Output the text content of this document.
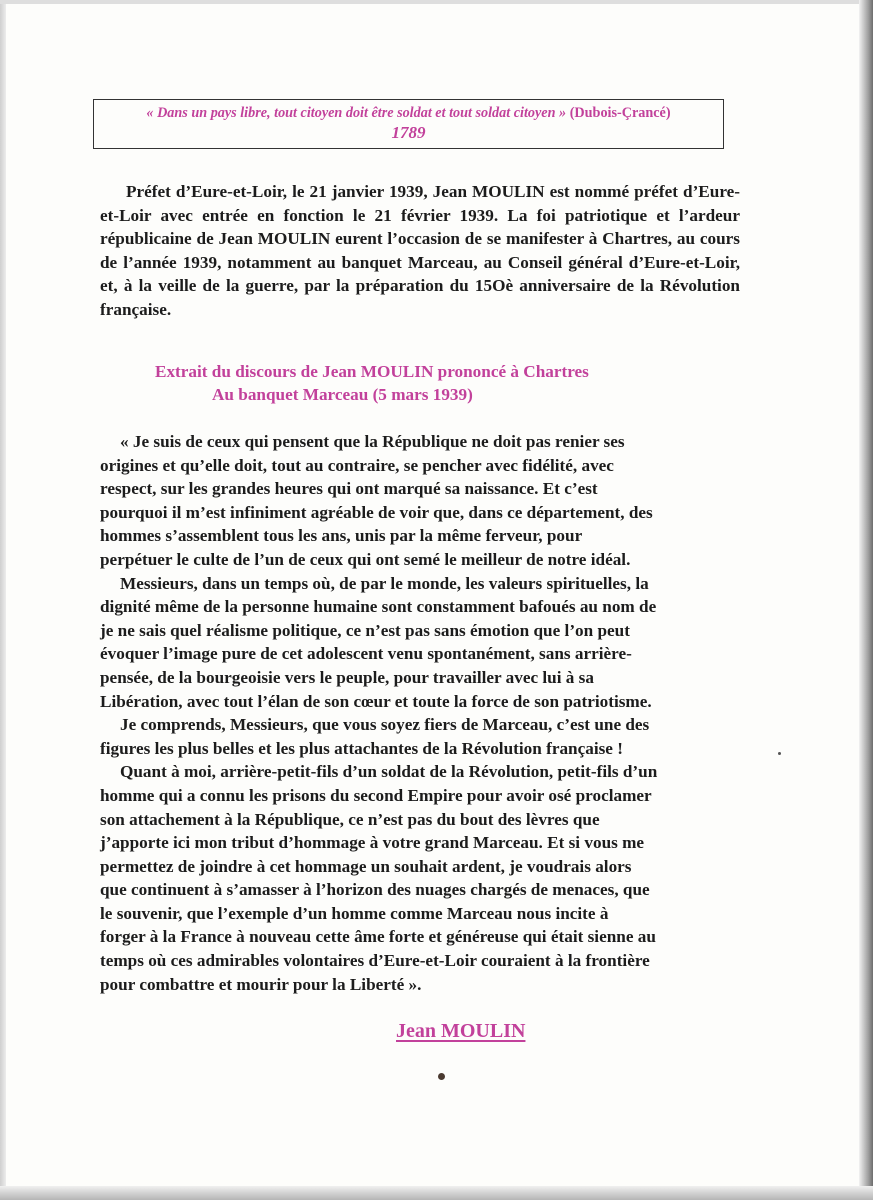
« Dans un pays libre, tout citoyen doit être soldat et tout soldat citoyen » (Dubois-Çrancé)
1789

Préfet d’Eure-et-Loir, le 21 janvier 1939, Jean MOULIN est nommé préfet d’Eure-et-Loir avec entrée en fonction le 21 février 1939. La foi patriotique et l’ardeur républicaine de Jean MOULIN eurent l’occasion de se manifester à Chartres, au cours de l’année 1939, notamment au banquet Marceau, au Conseil général d’Eure-et-Loir, et, à la veille de la guerre, par la préparation du 15Oè anniversaire de la Révolution française.

Extrait du discours de Jean MOULIN prononcé à Chartres
Au banquet Marceau (5 mars 1939)

« Je suis de ceux qui pensent que la République ne doit pas renier ses
origines et qu’elle doit, tout au contraire, se pencher avec fidélité, avec
respect, sur les grandes heures qui ont marqué sa naissance. Et c’est
pourquoi il m’est infiniment agréable de voir que, dans ce département, des
hommes s’assemblent tous les ans, unis par la même ferveur, pour
perpétuer le culte de l’un de ceux qui ont semé le meilleur de notre idéal.

Messieurs, dans un temps où, de par le monde, les valeurs spirituelles, la
dignité même de la personne humaine sont constamment bafoués au nom de
je ne sais quel réalisme politique, ce n’est pas sans émotion que l’on peut
évoquer l’image pure de cet adolescent venu spontanément, sans arrière-
pensée, de la bourgeoisie vers le peuple, pour travailler avec lui à sa
Libération, avec tout l’élan de son cœur et toute la force de son patriotisme.

Je comprends, Messieurs, que vous soyez fiers de Marceau, c’est une des
figures les plus belles et les plus attachantes de la Révolution française !

Quant à moi, arrière-petit-fils d’un soldat de la Révolution, petit-fils d’un
homme qui a connu les prisons du second Empire pour avoir osé proclamer
son attachement à la République, ce n’est pas du bout des lèvres que
j’apporte ici mon tribut d’hommage à votre grand Marceau. Et si vous me
permettez de joindre à cet hommage un souhait ardent, je voudrais alors
que continuent à s’amasser à l’horizon des nuages chargés de menaces, que
le souvenir, que l’exemple d’un homme comme Marceau nous incite à
forger à la France à nouveau cette âme forte et généreuse qui était sienne au
temps où ces admirables volontaires d’Eure-et-Loir couraient à la frontière
pour combattre et mourir pour la Liberté ».

Jean MOULIN
